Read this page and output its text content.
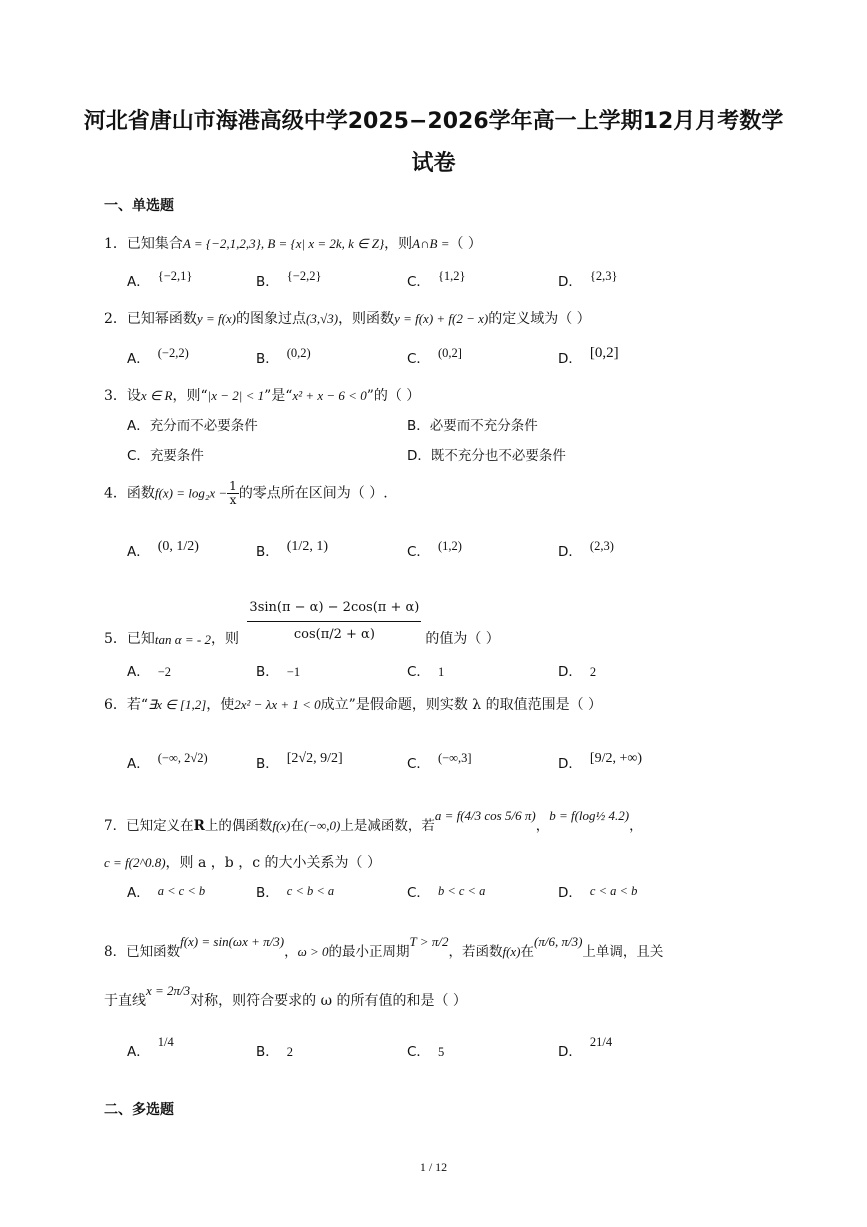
河北省唐山市海港高级中学2025−2026学年高一上学期12月月考数学
试卷
一、单选题
1．已知集合A = {−2,1,2,3}, B = {x| x = 2k, k ∈ Z}，则A∩B =（ ）
A． {−2,1}	B． {−2,2}	C． {1,2}	D． {2,3}
2．已知幂函数y = f(x)的图象过点(3,√3)，则函数y = f(x) + f(2 − x)的定义域为（ ）
A． (−2,2)	B． (0,2)	C． (0,2]	D． [0,2]
3．设x ∈ R，则“|x − 2| < 1”是“x² + x − 6 < 0”的（ ）
A．充分而不必要条件	B．必要而不充分条件
C．充要条件	D．既不充分也不必要条件
4．函数$f(x) = \log_2x - \frac{1}{x}$ 的零点所在区间为（ ）.
A． (0, 1/2)	B． (1/2, 1)	C． (1,2)	D． (2,3)
5．已知tan α = - 2，则 $\frac{3\sin(\pi - \alpha) - 2\cos(\pi + \alpha)}{\cos(\pi/2 + \alpha)}$ 的值为（ ）
A． −2	B． −1	C． 1	D． 2
6．若“∃x ∈ [1,2]，使2x² − λx + 1 < 0成立”是假命题，则实数 λ 的取值范围是（ ）
A． (−∞, 2√2)	B． [2√2, 9/2]	C． (−∞,3]	D． [9/2, +∞)
7．已知定义在R上的偶函数f(x)在(−∞,0)上是减函数，若a = f(4/3 cos 5/6 π)，b = f(log½ 4.2)，
c = f(2^0.8)，则 a ，b ，c 的大小关系为（ ）
A． a < c < b	B． c < b < a	C． b < c < a	D． c < a < b
8．已知函数f(x) = sin(ωx + π/3)，ω > 0的最小正周期T > π/2，若函数f(x)在(π/6, π/3)上单调，且关
于直线x = 2π/3对称，则符合要求的 ω 的所有值的和是（ ）
A．1/4
B． 2	C． 5	D．21/4
二、多选题
1 / 12
